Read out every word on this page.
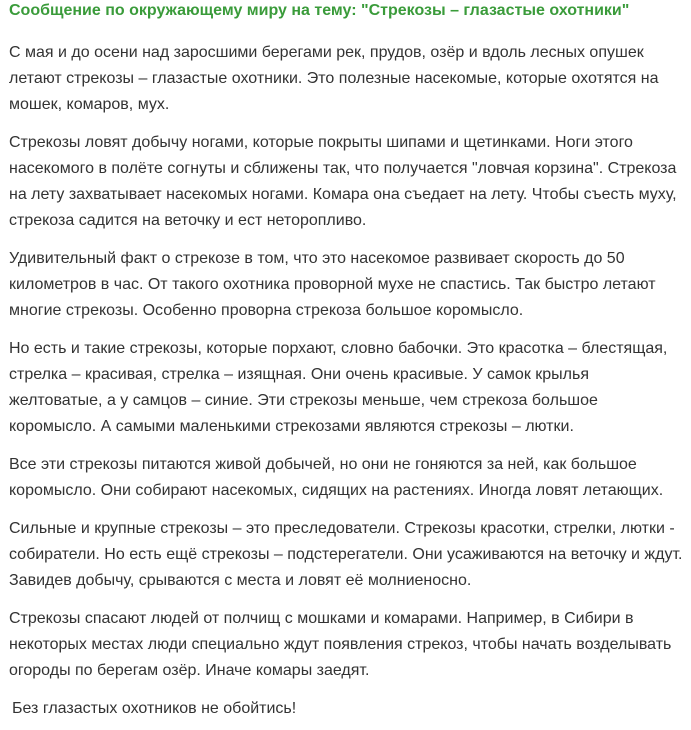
Сообщение по окружающему миру на тему: "Стрекозы – глазастые охотники"

С мая и до осени над заросшими берегами рек, прудов, озёр и вдоль лесных опушек летают стрекозы – глазастые охотники. Это полезные насекомые, которые охотятся на мошек, комаров, мух.

Стрекозы ловят добычу ногами, которые покрыты шипами и щетинками. Ноги этого насекомого в полёте согнуты и сближены так, что получается "ловчая корзина". Стрекоза на лету захватывает насекомых ногами. Комара она съедает на лету. Чтобы съесть муху, стрекоза садится на веточку и ест неторопливо.

Удивительный факт о стрекозе в том, что это насекомое развивает скорость до 50 километров в час. От такого охотника проворной мухе не спастись. Так быстро летают многие стрекозы. Особенно проворна стрекоза большое коромысло.

Но есть и такие стрекозы, которые порхают, словно бабочки. Это красотка – блестящая, стрелка – красивая, стрелка – изящная. Они очень красивые. У самок крылья желтоватые, а у самцов – синие. Эти стрекозы меньше, чем стрекоза большое коромысло. А самыми маленькими стрекозами являются стрекозы – лютки.

Все эти стрекозы питаются живой добычей, но они не гоняются за ней, как большое коромысло. Они собирают насекомых, сидящих на растениях. Иногда ловят летающих.

Сильные и крупные стрекозы – это преследователи. Стрекозы красотки, стрелки, лютки - собиратели. Но есть ещё стрекозы – подстерегатели. Они усаживаются на веточку и ждут. Завидев добычу, срываются с места и ловят её молниеносно.

Стрекозы спасают людей от полчищ с мошками и комарами. Например, в Сибири в некоторых местах люди специально ждут появления стрекоз, чтобы начать возделывать огороды по берегам озёр. Иначе комары заедят.

Без глазастых охотников не обойтись!
